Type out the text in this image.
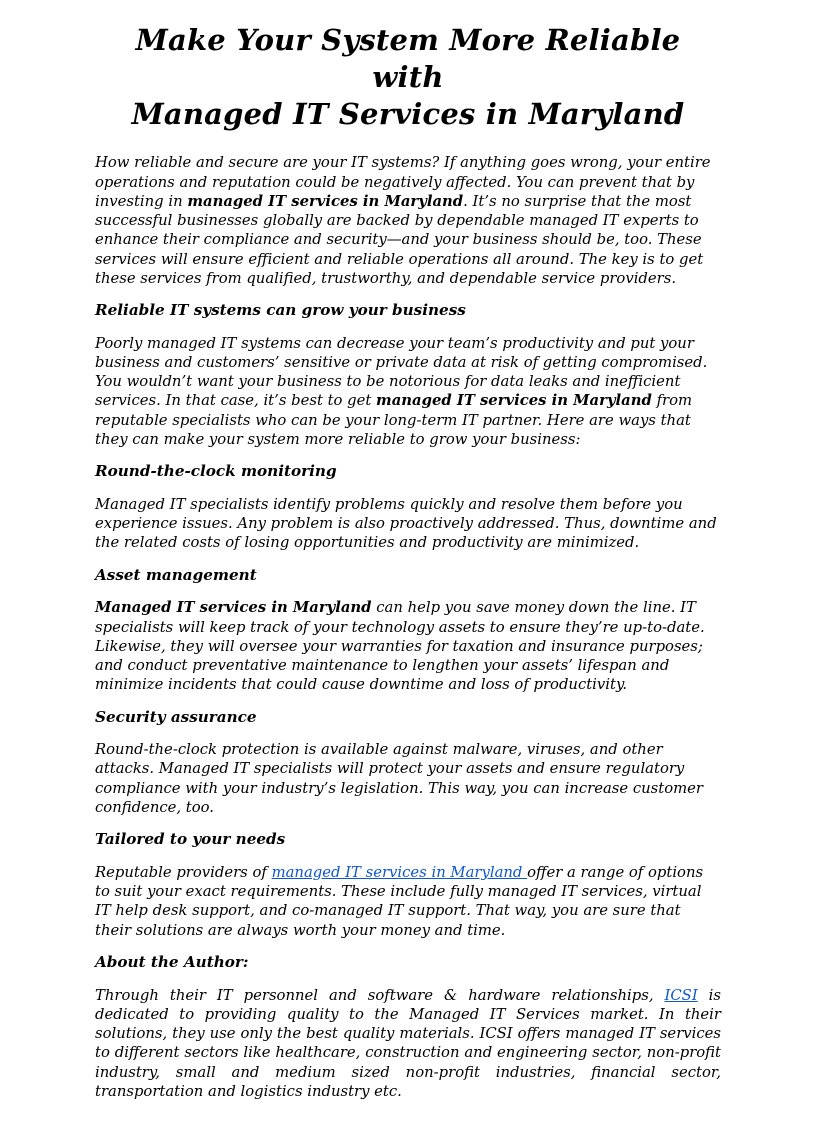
Make Your System More Reliable with
Managed IT Services in Maryland

How reliable and secure are your IT systems? If anything goes wrong, your entire operations and reputation could be negatively affected. You can prevent that by investing in managed IT services in Maryland. It’s no surprise that the most successful businesses globally are backed by dependable managed IT experts to enhance their compliance and security—and your business should be, too. These services will ensure efficient and reliable operations all around. The key is to get these services from qualified, trustworthy, and dependable service providers.

Reliable IT systems can grow your business

Poorly managed IT systems can decrease your team’s productivity and put your business and customers’ sensitive or private data at risk of getting compromised. You wouldn’t want your business to be notorious for data leaks and inefficient services. In that case, it’s best to get managed IT services in Maryland from reputable specialists who can be your long-term IT partner. Here are ways that they can make your system more reliable to grow your business:

Round-the-clock monitoring

Managed IT specialists identify problems quickly and resolve them before you experience issues. Any problem is also proactively addressed. Thus, downtime and the related costs of losing opportunities and productivity are minimized.

Asset management

Managed IT services in Maryland can help you save money down the line. IT specialists will keep track of your technology assets to ensure they’re up-to-date. Likewise, they will oversee your warranties for taxation and insurance purposes; and conduct preventative maintenance to lengthen your assets’ lifespan and minimize incidents that could cause downtime and loss of productivity.

Security assurance

Round-the-clock protection is available against malware, viruses, and other attacks. Managed IT specialists will protect your assets and ensure regulatory compliance with your industry’s legislation. This way, you can increase customer confidence, too.

Tailored to your needs

Reputable providers of managed IT services in Maryland offer a range of options to suit your exact requirements. These include fully managed IT services, virtual IT help desk support, and co-managed IT support. That way, you are sure that their solutions are always worth your money and time.

About the Author:

Through their IT personnel and software & hardware relationships, ICSI is dedicated to providing quality to the Managed IT Services market. In their solutions, they use only the best quality materials. ICSI offers managed IT services to different sectors like healthcare, construction and engineering sector, non-profit industry, small and medium sized non-profit industries, financial sector, transportation and logistics industry etc.
